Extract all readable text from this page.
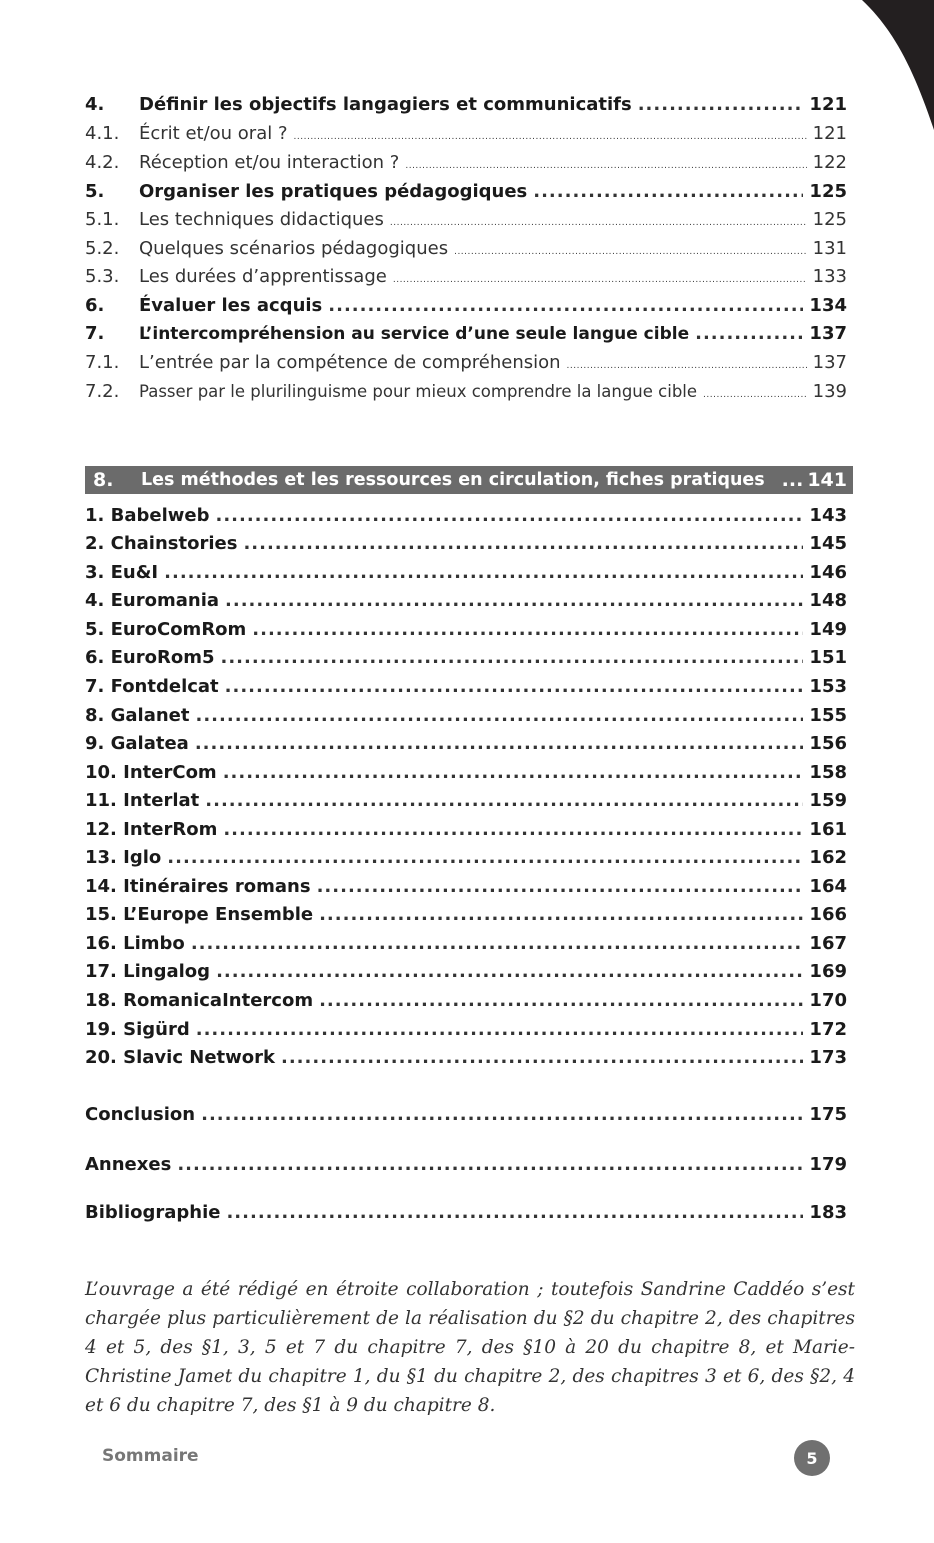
4.	Définir les objectifs langagiers et communicatifs .....	121
4.1.	Écrit et/ou oral ? .....	121
4.2.	Réception et/ou interaction ? .....	122
5.	Organiser les pratiques pédagogiques .....	125
5.1.	Les techniques didactiques .....	125
5.2.	Quelques scénarios pédagogiques .....	131
5.3.	Les durées d’apprentissage .....	133
6.	Évaluer les acquis .....	134
7.	L’intercompréhension au service d’une seule langue cible .....	137
7.1.	L’entrée par la compétence de compréhension .....	137
7.2.	Passer par le plurilinguisme pour mieux comprendre la langue cible .....	139
8.	Les méthodes et les ressources en circulation, fiches pratiques ... 141
1. Babelweb .....	143
2. Chainstories .....	145
3. Eu&I .....	146
4. Euromania .....	148
5. EuroComRom .....	149
6. EuroRom5 .....	151
7. Fontdelcat .....	153
8. Galanet .....	155
9. Galatea .....	156
10. InterCom .....	158
11. Interlat .....	159
12. InterRom .....	161
13. Iglo .....	162
14. Itinéraires romans .....	164
15. L’Europe Ensemble .....	166
16. Limbo .....	167
17. Lingalog .....	169
18. RomanicaIntercom .....	170
19. Sigürd .....	172
20. Slavic Network .....	173
Conclusion .....	175
Annexes .....	179
Bibliographie .....	183

L’ouvrage a été rédigé en étroite collaboration ; toutefois Sandrine Caddéo s’est chargée plus particulièrement de la réalisation du §2 du chapitre 2, des chapitres 4 et 5, des §1, 3, 5 et 7 du chapitre 7, des §10 à 20 du chapitre 8, et Marie-Christine Jamet du chapitre 1, du §1 du chapitre 2, des chapitres 3 et 6, des §2, 4 et 6 du chapitre 7, des §1 à 9 du chapitre 8.

Sommaire	5
